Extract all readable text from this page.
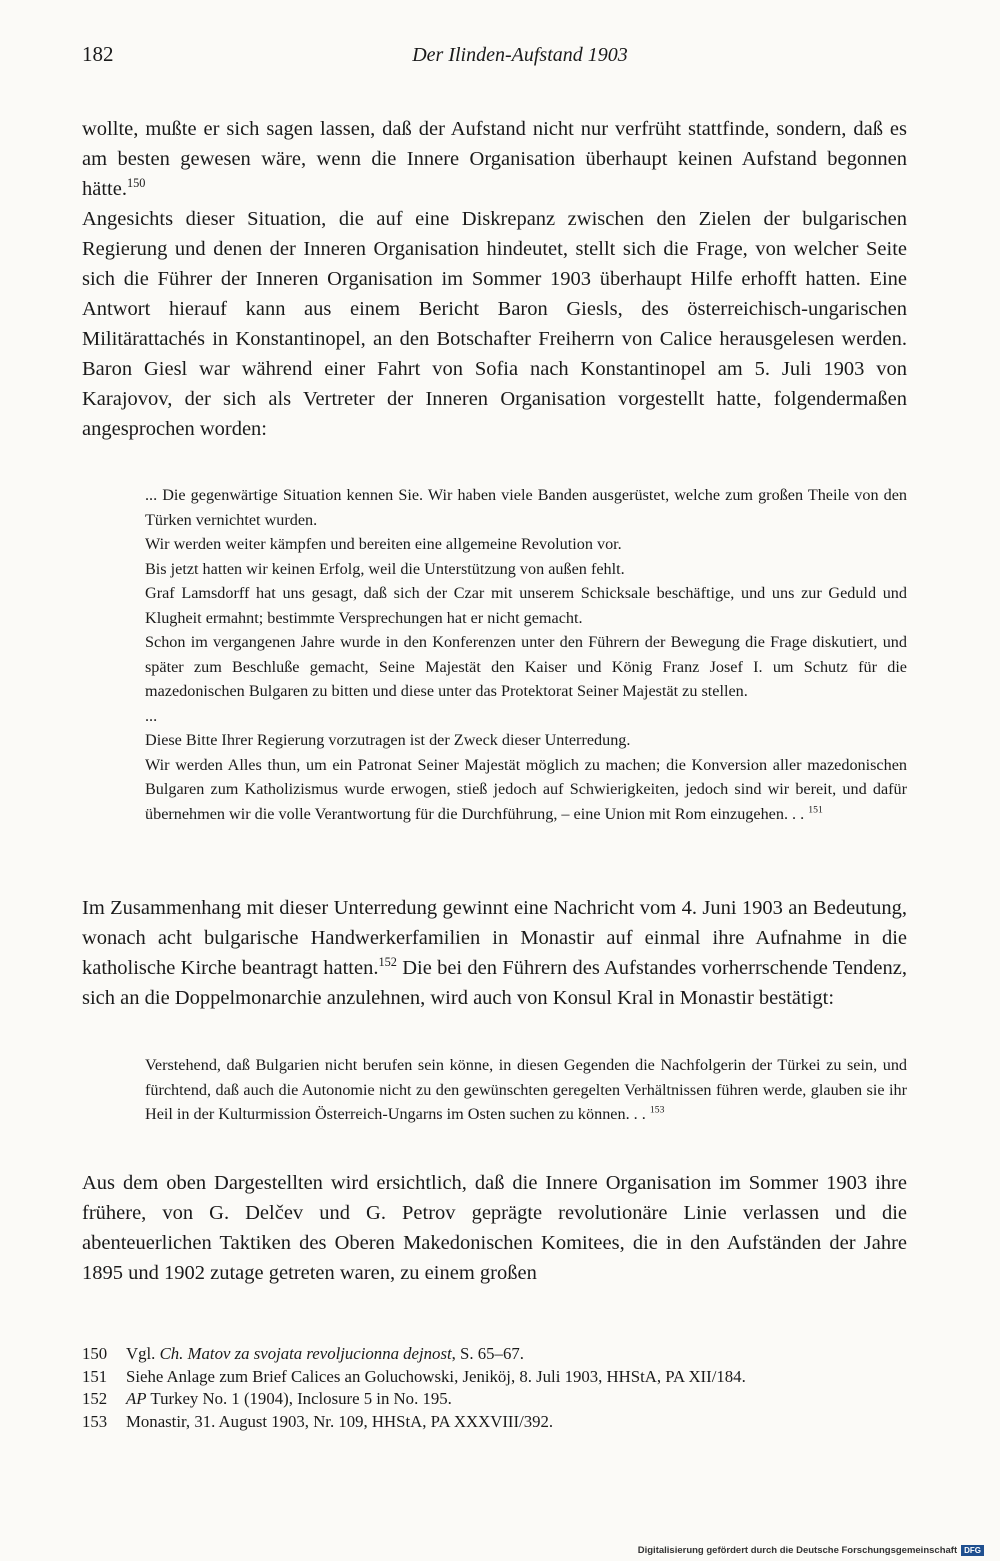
182	Der Ilinden-Aufstand 1903

wollte, mußte er sich sagen lassen, daß der Aufstand nicht nur verfrüht stattfinde, sondern, daß es am besten gewesen wäre, wenn die Innere Organisation überhaupt keinen Aufstand begonnen hätte.$^{150}$

Angesichts dieser Situation, die auf eine Diskrepanz zwischen den Zielen der bulgarischen Regierung und denen der Inneren Organisation hindeutet, stellt sich die Frage, von welcher Seite sich die Führer der Inneren Organisation im Sommer 1903 überhaupt Hilfe erhofft hatten. Eine Antwort hierauf kann aus einem Bericht Baron Giesls, des österreichisch-ungarischen Militärattachés in Konstantinopel, an den Botschafter Freiherrn von Calice herausgelesen werden. Baron Giesl war während einer Fahrt von Sofia nach Konstantinopel am 5. Juli 1903 von Karajovov, der sich als Vertreter der Inneren Organisation vorgestellt hatte, folgendermaßen angesprochen worden:

... Die gegenwärtige Situation kennen Sie. Wir haben viele Banden ausgerüstet, welche zum großen Theile von den Türken vernichtet wurden.

Wir werden weiter kämpfen und bereiten eine allgemeine Revolution vor.

Bis jetzt hatten wir keinen Erfolg, weil die Unterstützung von außen fehlt.

Graf Lamsdorff hat uns gesagt, daß sich der Czar mit unserem Schicksale beschäftige, und uns zur Geduld und Klugheit ermahnt; bestimmte Versprechungen hat er nicht gemacht.

Schon im vergangenen Jahre wurde in den Konferenzen unter den Führern der Bewegung die Frage diskutiert, und später zum Beschluße gemacht, Seine Majestät den Kaiser und König Franz Josef I. um Schutz für die mazedonischen Bulgaren zu bitten und diese unter das Protektorat Seiner Majestät zu stellen.

...

Diese Bitte Ihrer Regierung vorzutragen ist der Zweck dieser Unterredung.

Wir werden Alles thun, um ein Patronat Seiner Majestät möglich zu machen; die Konversion aller mazedonischen Bulgaren zum Katholizismus wurde erwogen, stieß jedoch auf Schwierigkeiten, jedoch sind wir bereit, und dafür übernehmen wir die volle Verantwortung für die Durchführung, – eine Union mit Rom einzugehen. . . $^{151}$

Im Zusammenhang mit dieser Unterredung gewinnt eine Nachricht vom 4. Juni 1903 an Bedeutung, wonach acht bulgarische Handwerkerfamilien in Monastir auf einmal ihre Aufnahme in die katholische Kirche beantragt hatten.$^{152}$ Die bei den Führern des Aufstandes vorherrschende Tendenz, sich an die Doppelmonarchie anzulehnen, wird auch von Konsul Kral in Monastir bestätigt:

Verstehend, daß Bulgarien nicht berufen sein könne, in diesen Gegenden die Nachfolgerin der Türkei zu sein, und fürchtend, daß auch die Autonomie nicht zu den gewünschten geregelten Verhältnissen führen werde, glauben sie ihr Heil in der Kulturmission Österreich-Ungarns im Osten suchen zu können. . . $^{153}$

Aus dem oben Dargestellten wird ersichtlich, daß die Innere Organisation im Sommer 1903 ihre frühere, von G. Delčev und G. Petrov geprägte revolutionäre Linie verlassen und die abenteuerlichen Taktiken des Oberen Makedonischen Komitees, die in den Aufständen der Jahre 1895 und 1902 zutage getreten waren, zu einem großen

150 Vgl. Ch. Matov za svojata revoljucionna dejnost, S. 65–67.

151 Siehe Anlage zum Brief Calices an Goluchowski, Jeniköj, 8. Juli 1903, HHStA, PA XII/184.

152 AP Turkey No. 1 (1904), Inclosure 5 in No. 195.

153 Monastir, 31. August 1903, Nr. 109, HHStA, PA XXXVIII/392.

Digitalisierung gefördert durch die Deutsche Forschungsgemeinschaft DFG
